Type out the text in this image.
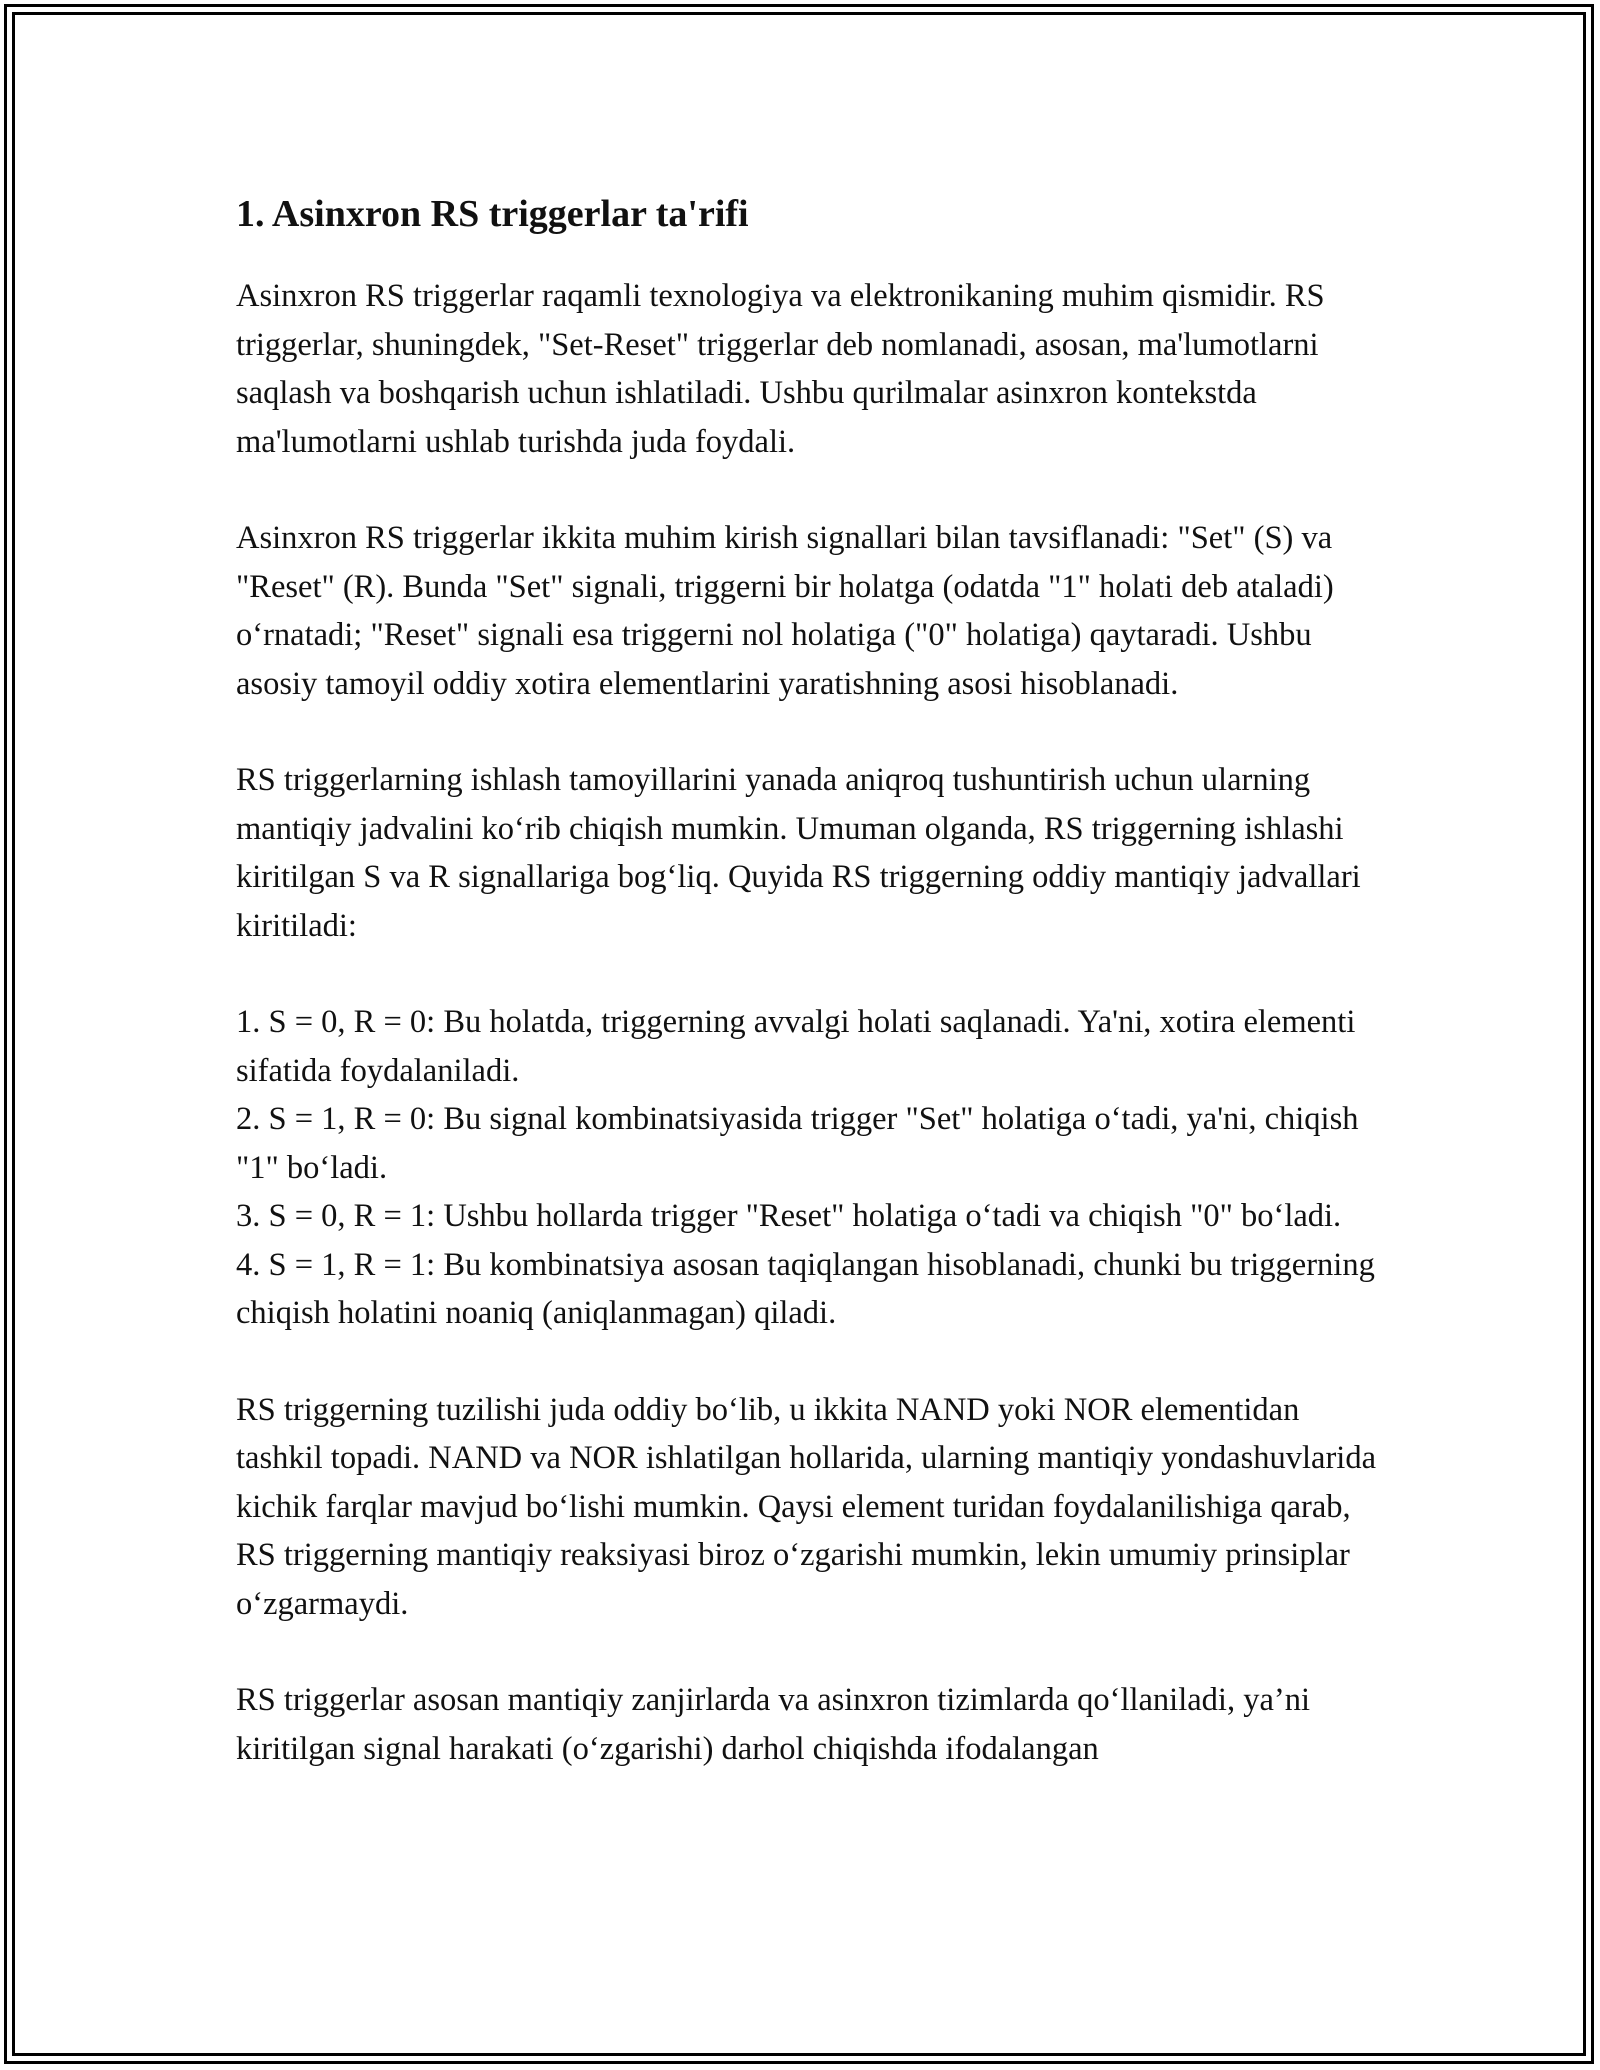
1. Asinxron RS triggerlar ta'rifi

Asinxron RS triggerlar raqamli texnologiya va elektronikaning muhim qismidir. RS triggerlar, shuningdek, "Set-Reset" triggerlar deb nomlanadi, asosan, ma'lumotlarni saqlash va boshqarish uchun ishlatiladi. Ushbu qurilmalar asinxron kontekstda ma'lumotlarni ushlab turishda juda foydali.

Asinxron RS triggerlar ikkita muhim kirish signallari bilan tavsiflanadi: "Set" (S) va "Reset" (R). Bunda "Set" signali, triggerni bir holatga (odatda "1" holati deb ataladi) o‘rnatadi; "Reset" signali esa triggerni nol holatiga ("0" holatiga) qaytaradi. Ushbu asosiy tamoyil oddiy xotira elementlarini yaratishning asosi hisoblanadi.

RS triggerlarning ishlash tamoyillarini yanada aniqroq tushuntirish uchun ularning mantiqiy jadvalini ko‘rib chiqish mumkin. Umuman olganda, RS triggerning ishlashi kiritilgan S va R signallariga bog‘liq. Quyida RS triggerning oddiy mantiqiy jadvallari kiritiladi:

1. S = 0, R = 0: Bu holatda, triggerning avvalgi holati saqlanadi. Ya'ni, xotira elementi sifatida foydalaniladi.

2. S = 1, R = 0: Bu signal kombinatsiyasida trigger "Set" holatiga o‘tadi, ya'ni, chiqish "1" bo‘ladi.

3. S = 0, R = 1: Ushbu hollarda trigger "Reset" holatiga o‘tadi va chiqish "0" bo‘ladi.

4. S = 1, R = 1: Bu kombinatsiya asosan taqiqlangan hisoblanadi, chunki bu triggerning chiqish holatini noaniq (aniqlanmagan) qiladi.

RS triggerning tuzilishi juda oddiy bo‘lib, u ikkita NAND yoki NOR elementidan tashkil topadi. NAND va NOR ishlatilgan hollarida, ularning mantiqiy yondashuvlarida kichik farqlar mavjud bo‘lishi mumkin. Qaysi element turidan foydalanilishiga qarab, RS triggerning mantiqiy reaksiyasi biroz o‘zgarishi mumkin, lekin umumiy prinsiplar o‘zgarmaydi.

RS triggerlar asosan mantiqiy zanjirlarda va asinxron tizimlarda qo‘llaniladi, ya’ni kiritilgan signal harakati (o‘zgarishi) darhol chiqishda ifodalangan
